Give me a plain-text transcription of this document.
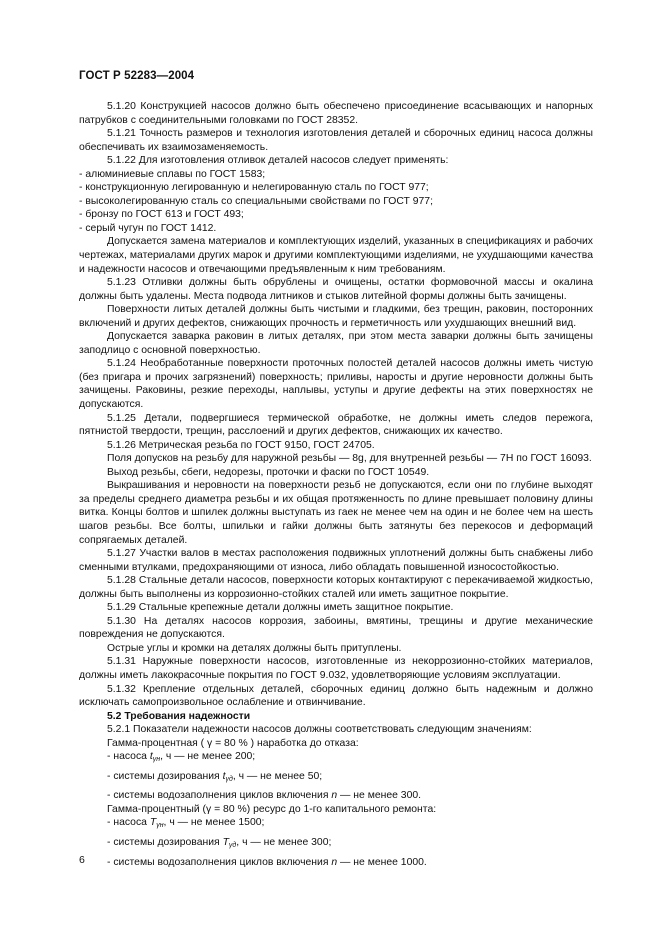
ГОСТ Р 52283—2004

5.1.20 Конструкцией насосов должно быть обеспечено присоединение всасывающих и напорных патрубков с соединительными головками по ГОСТ 28352.

5.1.21 Точность размеров и технология изготовления деталей и сборочных единиц насоса должны обеспечивать их взаимозаменяемость.

5.1.22 Для изготовления отливок деталей насосов следует применять:

- алюминиевые сплавы по ГОСТ 1583;

- конструкционную легированную и нелегированную сталь по ГОСТ 977;

- высоколегированную сталь со специальными свойствами по ГОСТ 977;

- бронзу по ГОСТ 613 и ГОСТ 493;

- серый чугун по ГОСТ 1412.

Допускается замена материалов и комплектующих изделий, указанных в спецификациях и рабочих чертежах, материалами других марок и другими комплектующими изделиями, не ухудшающими качества и надежности насосов и отвечающими предъявленным к ним требованиям.

5.1.23 Отливки должны быть обрублены и очищены, остатки формовочной массы и окалина должны быть удалены. Места подвода литников и стыков литейной формы должны быть зачищены.

Поверхности литых деталей должны быть чистыми и гладкими, без трещин, раковин, посторонних включений и других дефектов, снижающих прочность и герметичность или ухудшающих внешний вид.

Допускается заварка раковин в литых деталях, при этом места заварки должны быть зачищены заподлицо с основной поверхностью.

5.1.24 Необработанные поверхности проточных полостей деталей насосов должны иметь чистую (без пригара и прочих загрязнений) поверхность; приливы, наросты и другие неровности должны быть зачищены. Раковины, резкие переходы, наплывы, уступы и другие дефекты на этих поверхностях не допускаются.

5.1.25 Детали, подвергшиеся термической обработке, не должны иметь следов пережога, пятнистой твердости, трещин, расслоений и других дефектов, снижающих их качество.

5.1.26 Метрическая резьба по ГОСТ 9150, ГОСТ 24705.

Поля допусков на резьбу для наружной резьбы — 8g, для внутренней резьбы — 7H по ГОСТ 16093.

Выход резьбы, сбеги, недорезы, проточки и фаски по ГОСТ 10549.

Выкрашивания и неровности на поверхности резьб не допускаются, если они по глубине выходят за пределы среднего диаметра резьбы и их общая протяженность по длине превышает половину длины витка. Концы болтов и шпилек должны выступать из гаек не менее чем на один и не более чем на шесть шагов резьбы. Все болты, шпильки и гайки должны быть затянуты без перекосов и деформаций сопрягаемых деталей.

5.1.27 Участки валов в местах расположения подвижных уплотнений должны быть снабжены либо сменными втулками, предохраняющими от износа, либо обладать повышенной износостойкостью.

5.1.28 Стальные детали насосов, поверхности которых контактируют с перекачиваемой жидкостью, должны быть выполнены из коррозионно-стойких сталей или иметь защитное покрытие.

5.1.29 Стальные крепежные детали должны иметь защитное покрытие.

5.1.30 На деталях насосов коррозия, забоины, вмятины, трещины и другие механические повреждения не допускаются.

Острые углы и кромки на деталях должны быть притуплены.

5.1.31 Наружные поверхности насосов, изготовленные из некоррозионно-стойких материалов, должны иметь лакокрасочные покрытия по ГОСТ 9.032, удовлетворяющие условиям эксплуатации.

5.1.32 Крепление отдельных деталей, сборочных единиц должно быть надежным и должно исключать самопроизвольное ослабление и отвинчивание.

5.2 Требования надежности

5.2.1 Показатели надежности насосов должны соответствовать следующим значениям:

Гамма-процентная ( γ = 80 % ) наработка до отказа:

- насоса $t_{\gamma н}$, ч — не менее 200;

- системы дозирования $t_{\gamma д}$, ч — не менее 50;

- системы водозаполнения циклов включения n — не менее 300.

Гамма-процентный (γ = 80 %) ресурс до 1-го капитального ремонта:

- насоса $T_{\gamma н}$, ч — не менее 1500;

- системы дозирования $T_{\gamma д}$, ч — не менее 300;

- системы водозаполнения циклов включения n — не менее 1000.

6
